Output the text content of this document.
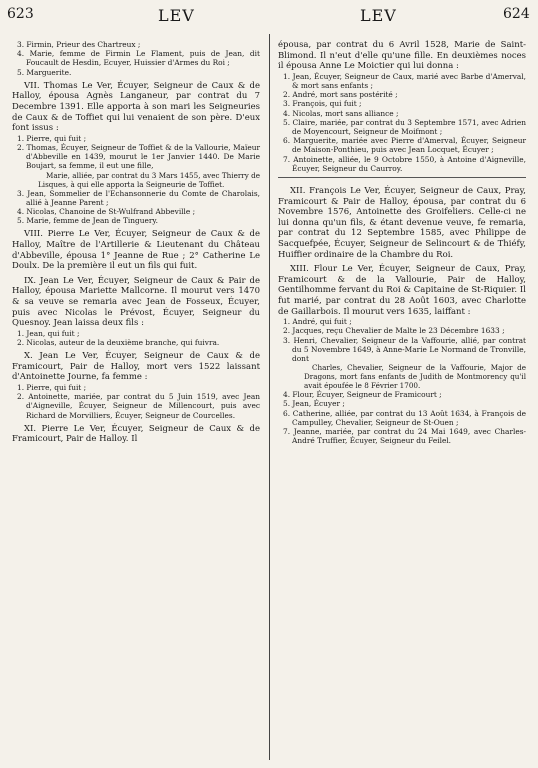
623	LEV	LEV	624

3. Firmin, Prieur des Chartreux ;

4. Marie, femme de Firmin Le Flament, puis de Jean, dit Foucault de Hesdin, Ecuyer, Huissier d'Armes du Roi ;

5. Marguerite.

VII. Thomas Le Ver, Écuyer, Seigneur de Caux & de Halloy, épousa Agnès Langaneur, par contrat du 7 Decembre 1391. Elle apporta à son mari les Seigneuries de Caux & de Toffiet qui lui venaient de son père. D'eux font issus :

1. Pierre, qui fuit ;

2. Thomas, Écuyer, Seigneur de Toffiet & de la Vallourie, Maïeur d'Abbeville en 1439, mourut le 1er Janvier 1440. De Marie Boujart, sa femme, il eut une fille,

Marie, alliée, par contrat du 3 Mars 1455, avec Thierry de Lisques, à qui elle apporta la Seigneurie de Toffiet.

3. Jean, Sommelier de l'Echansonnerie du Comte de Charolais, allié à Jeanne Parent ;

4. Nicolas, Chanoine de St-Wulfrand Abbeville ;

5. Marie, femme de Jean de Tinguery.

VIII. Pierre Le Ver, Écuyer, Seigneur de Caux & de Halloy, Maître de l'Artillerie & Lieutenant du Château d'Abbeville, épousa 1° Jeanne de Rue ; 2° Catherine Le Doulx. De la première il eut un fils qui fuit.

IX. Jean Le Ver, Écuyer, Seigneur de Caux & Pair de Halloy, épousa Mariette Mallcorne. Il mourut vers 1470 & sa veuve se remaria avec Jean de Fosseux, Écuyer, puis avec Nicolas le Prévost, Écuyer, Seigneur du Quesnoy. Jean laissa deux fils :

1. Jean, qui fuit ;

2. Nicolas, auteur de la deuxième branche, qui fuivra.

X. Jean Le Ver, Écuyer, Seigneur de Caux & de Framicourt, Pair de Halloy, mort vers 1522 laissant d'Antoinette Journe, fa femme :

1. Pierre, qui fuit ;

2. Antoinette, mariée, par contrat du 5 Juin 1519, avec Jean d'Aigneville, Écuyer, Seigneur de Millencourt, puis avec Richard de Morvilliers, Écuyer, Seigneur de Courcelles.

XI. Pierre Le Ver, Écuyer, Seigneur de Caux & de Framicourt, Pair de Halloy. Il

épousa, par contrat du 6 Avril 1528, Marie de Saint-Blimond. Il n'eut d'elle qu'une fille. En deuxièmes noces il épousa Anne Le Moictier qui lui donna :

1. Jean, Écuyer, Seigneur de Caux, marié avec Barbe d'Amerval, & mort sans enfants ;

2. André, mort sans postérité ;

3. François, qui fuit ;

4. Nicolas, mort sans alliance ;

5. Claire, mariée, par contrat du 3 Septembre 1571, avec Adrien de Moyencourt, Seigneur de Moifmont ;

6. Marguerite, mariée avec Pierre d'Amerval, Écuyer, Seigneur de Maison-Ponthieu, puis avec Jean Locquet, Écuyer ;

7. Antoinette, alliée, le 9 Octobre 1550, à Antoine d'Aigneville, Écuyer, Seigneur du Caurroy.

XII. François Le Ver, Écuyer, Seigneur de Caux, Pray, Framicourt & Pair de Halloy, épousa, par contrat du 6 Novembre 1576, Antoinette des Groifeliers. Celle-ci ne lui donna qu'un fils, & étant devenue veuve, fe remaria, par contrat du 12 Septembre 1585, avec Philippe de Sacquefpée, Écuyer, Seigneur de Selincourt & de Thiéfy, Huiffier ordinaire de la Chambre du Roi.

XIII. Flour Le Ver, Écuyer, Seigneur de Caux, Pray, Framicourt & de la Vallourie, Pair de Halloy, Gentilhomme fervant du Roi & Capitaine de St-Riquier. Il fut marié, par contrat du 28 Août 1603, avec Charlotte de Gaillarbois. Il mourut vers 1635, laiffant :

1. André, qui fuit ;

2. Jacques, reçu Chevalier de Malte le 23 Décembre 1633 ;

3. Henri, Chevalier, Seigneur de la Vaffourie, allié, par contrat du 5 Novembre 1649, à Anne-Marie Le Normand de Tronville, dont

Charles, Chevalier, Seigneur de la Vaffourie, Major de Dragons, mort fans enfants de Judith de Montmorency qu'il avait époufée le 8 Février 1700.

4. Flour, Écuyer, Seigneur de Framicourt ;

5. Jean, Écuyer ;

6. Catherine, alliée, par contrat du 13 Août 1634, à François de Campulley, Chevalier, Seigneur de St-Ouen ;

7. Jeanne, mariée, par contrat du 24 Mai 1649, avec Charles-André Truffier, Écuyer, Seigneur du Feilel.
